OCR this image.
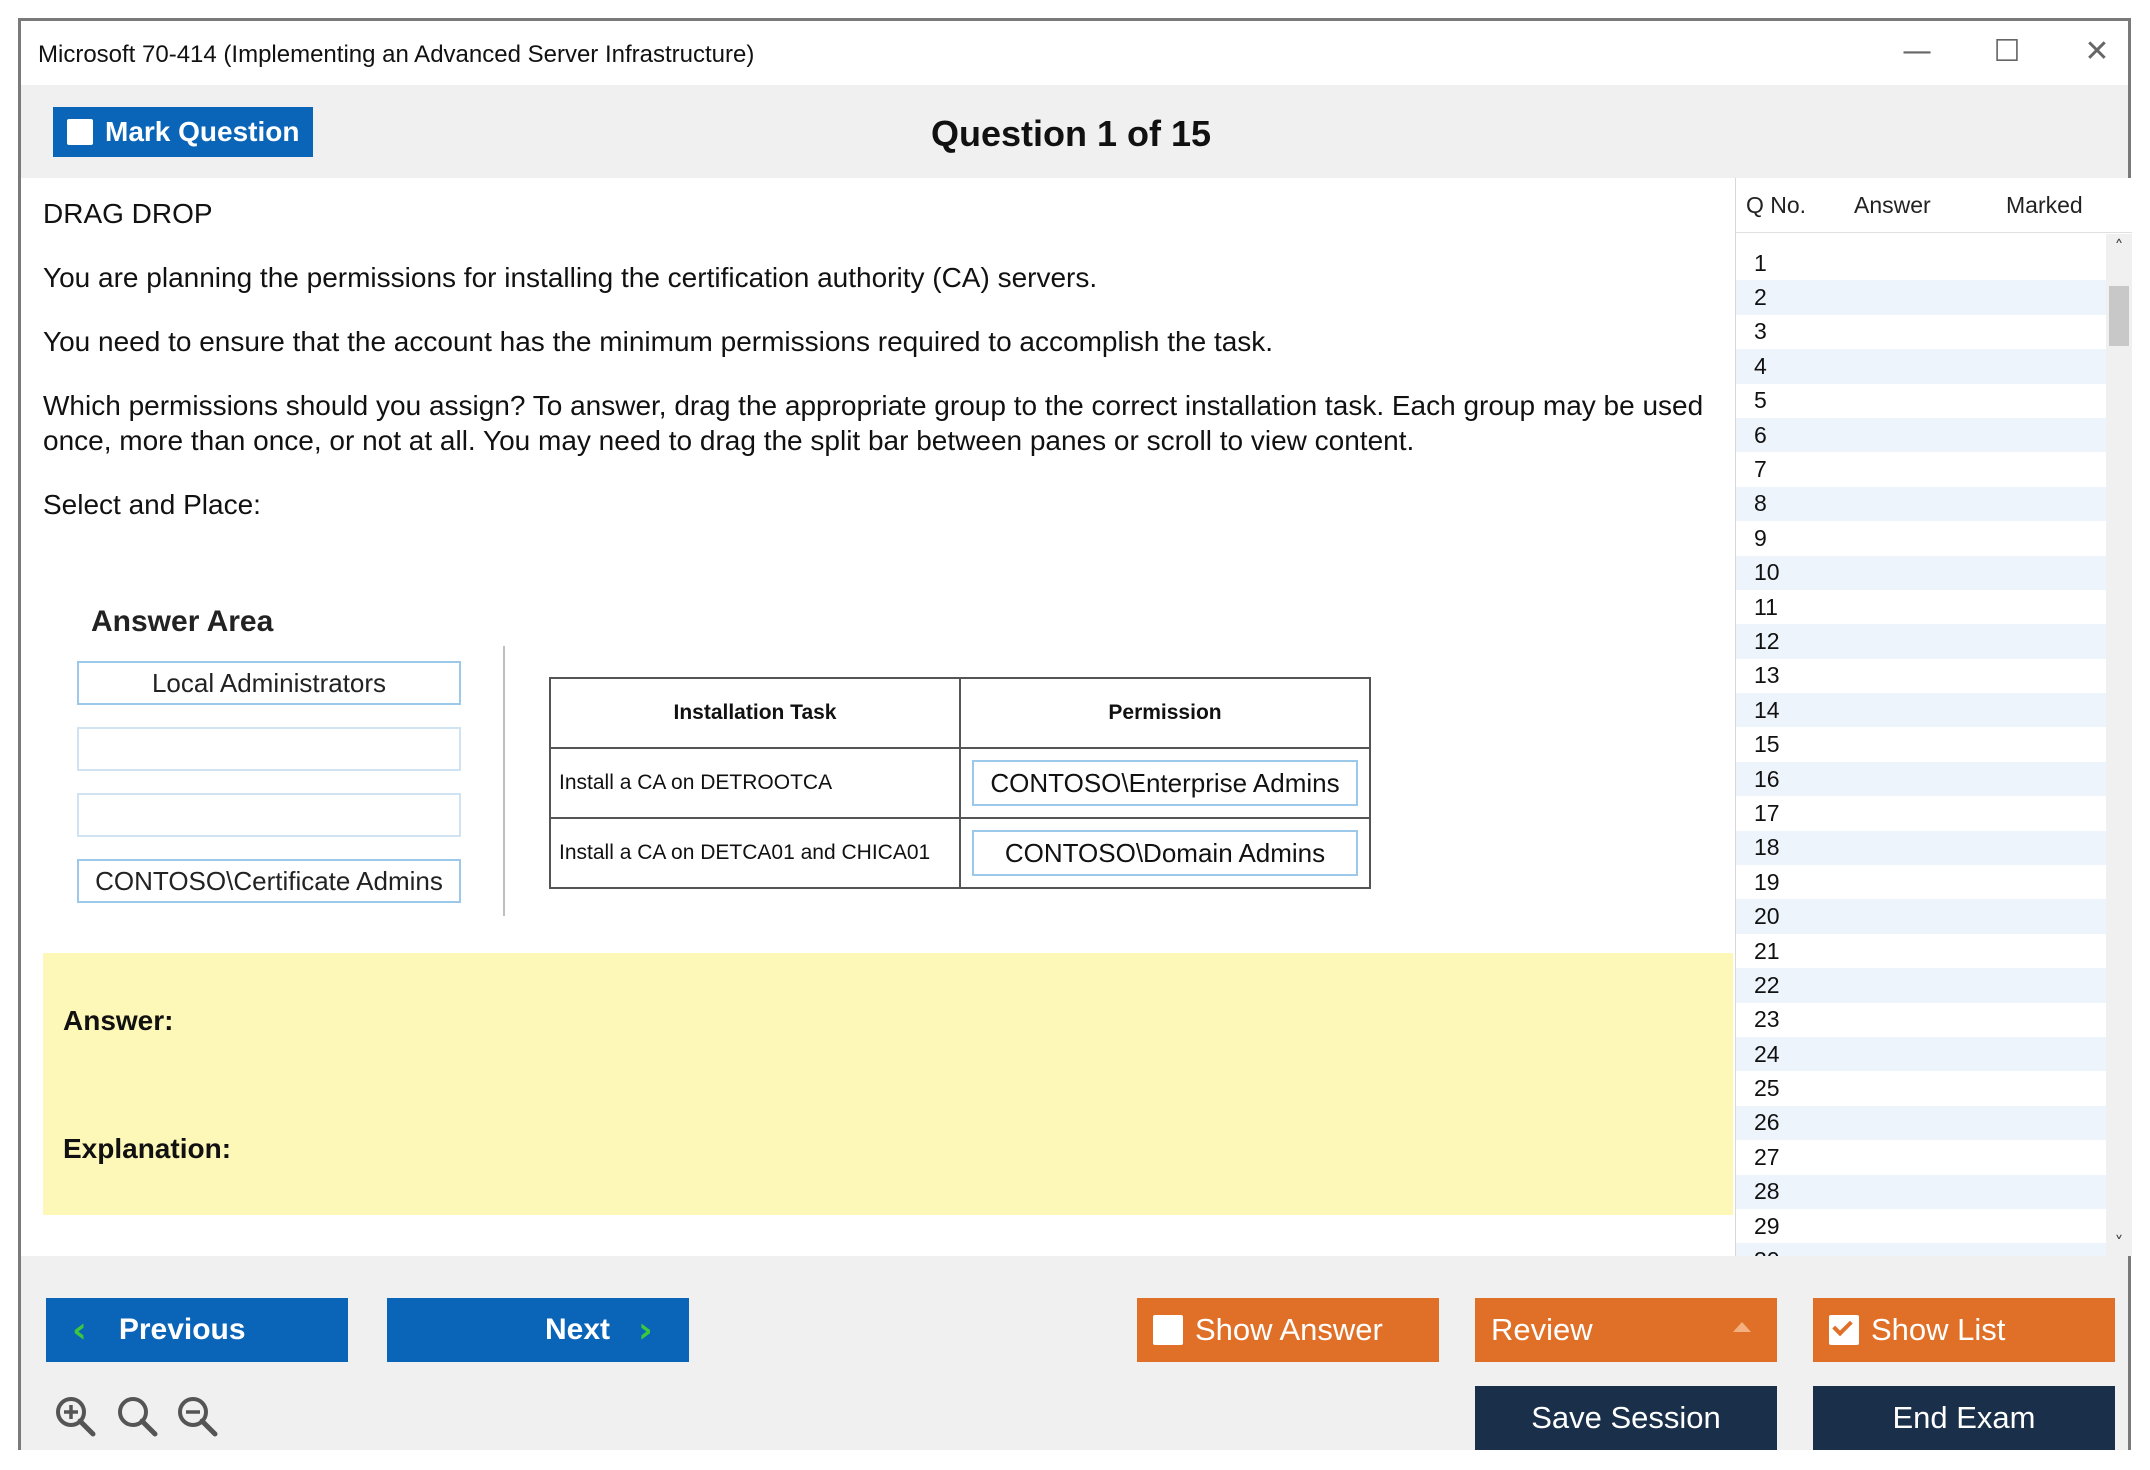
Microsoft 70-414 (Implementing an Advanced Server Infrastructure)	— ☐ ✕
Mark Question	Question 1 of 15

DRAG DROP

You are planning the permissions for installing the certification authority (CA) servers.

You need to ensure that the account has the minimum permissions required to accomplish the task.

Which permissions should you assign? To answer, drag the appropriate group to the correct installation task. Each group may be used once, more than once, or not at all. You may need to drag the split bar between panes or scroll to view content.

Select and Place:

Answer Area
Local Administrators
CONTOSO\Certificate Admins
Installation Task	Permission
Install a CA on DETROOTCA	CONTOSO\Enterprise Admins

Install a CA on DETCA01 and CHICA01	CONTOSO\Domain Admins
Answer:
Explanation:
Q No. Answer	Marked
1
2
3
4
5
6
7
8
9
10
11
12
13
14
15
16
17
18
19
20
21
22
23
24
25
26
27
28
29
˄
˅
‹ Previous	Next ›	Show Answer	Review	Show List
Save Session	End Exam
